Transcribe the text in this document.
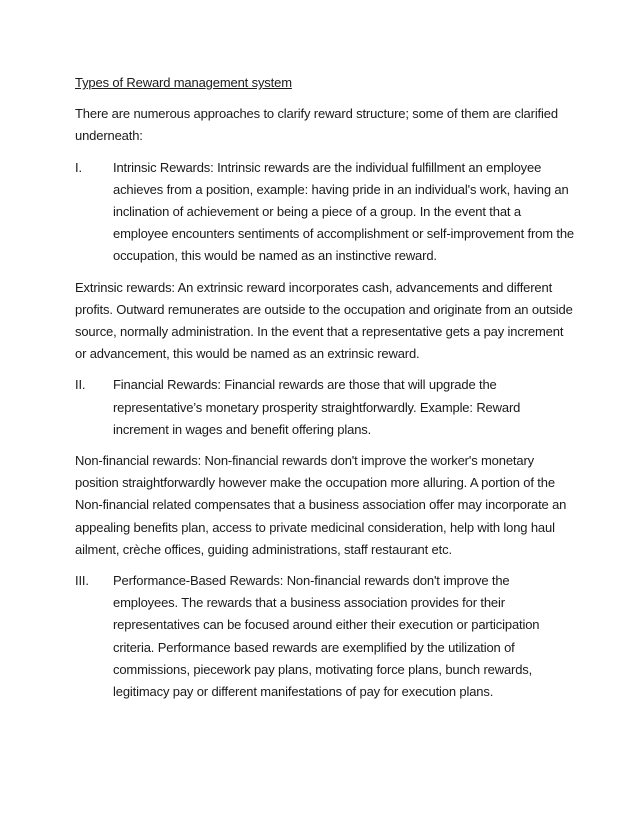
Types of Reward management system
There are numerous approaches to clarify reward structure; some of them are clarified underneath:
I.	Intrinsic Rewards: Intrinsic rewards are the individual fulfillment an employee achieves from a position, example: having pride in an individual's work, having an inclination of achievement or being a piece of a group. In the event that a employee encounters sentiments of accomplishment or self-improvement from the occupation, this would be named as an instinctive reward.
Extrinsic rewards: An extrinsic reward incorporates cash, advancements and different profits. Outward remunerates are outside to the occupation and originate from an outside source, normally administration. In the event that a representative gets a pay increment or advancement, this would be named as an extrinsic reward.
II.	Financial Rewards: Financial rewards are those that will upgrade the representative’s monetary prosperity straightforwardly. Example: Reward increment in wages and benefit offering plans.
Non-financial rewards: Non-financial rewards don't improve the worker's monetary position straightforwardly however make the occupation more alluring. A portion of the Non-financial related compensates that a business association offer may incorporate an appealing benefits plan, access to private medicinal consideration, help with long haul ailment, crèche offices, guiding administrations, staff restaurant etc.
III.	Performance-Based Rewards: Non-financial rewards don't improve the employees. The rewards that a business association provides for their representatives can be focused around either their execution or participation criteria. Performance based rewards are exemplified by the utilization of commissions, piecework pay plans, motivating force plans, bunch rewards, legitimacy pay or different manifestations of pay for execution plans.
